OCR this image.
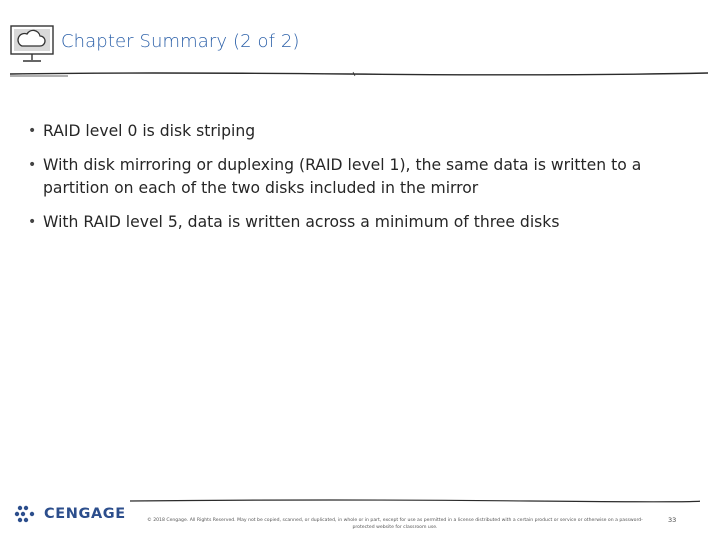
Chapter Summary (2 of 2)
• RAID level 0 is disk striping
• With disk mirroring or duplexing (RAID level 1), the same data is written to a partition on each of the two disks included in the mirror
• With RAID level 5, data is written across a minimum of three disks
CENGAGE	© 2018 Cengage. All Rights Reserved. May not be copied, scanned, or duplicated, in whole or in part, except for use as permitted in a license distributed with a certain product or service or otherwise on a password-protected website for classroom use.
33
